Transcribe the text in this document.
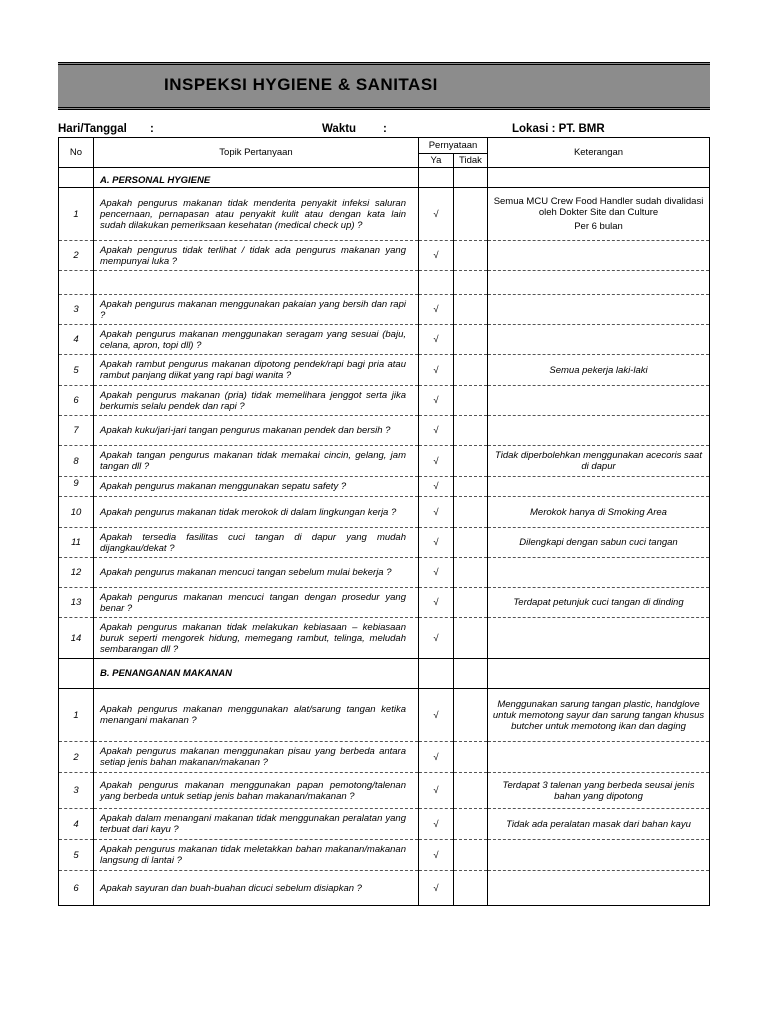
INSPEKSI HYGIENE & SANITASI
Hari/Tanggal :	Waktu :	Lokasi : PT. BMR
No	Topik Pertanyaan	Pernyataan		Keterangan
		Ya	Tidak	
	A. PERSONAL HYGIENE			
1	Apakah pengurus makanan tidak menderita penyakit infeksi saluran pencernaan, pernapasan atau penyakit kulit atau dengan kata lain sudah dilakukan pemeriksaan kesehatan (medical check up) ?	√		Semua MCU Crew Food Handler sudah divalidasi oleh Dokter Site dan Culture
Per 6 bulan

2	Apakah pengurus tidak terlihat / tidak ada pengurus makanan yang mempunyai luka ?	√		

3	Apakah pengurus makanan menggunakan pakaian yang bersih dan rapi ?	√		

4	Apakah pengurus makanan menggunakan seragam yang sesuai (baju, celana, apron, topi dll) ?	√		

5	Apakah rambut pengurus makanan dipotong pendek/rapi bagi pria atau rambut panjang diikat yang rapi bagi wanita ?	√		Semua pekerja laki-laki

6	Apakah pengurus makanan (pria) tidak memelihara jenggot serta jika berkumis selalu pendek dan rapi ?	√		

7	Apakah kuku/jari-jari tangan pengurus makanan pendek dan bersih ?	√		

8	Apakah tangan pengurus makanan tidak memakai cincin, gelang, jam tangan dll ?	√		Tidak diperbolehkan menggunakan acecoris saat di dapur

9	Apakah pengurus makanan menggunakan sepatu safety ?	√		

10	Apakah pengurus makanan tidak merokok di dalam lingkungan kerja ?	√		Merokok hanya di Smoking Area

11	Apakah tersedia fasilitas cuci tangan di dapur yang mudah dijangkau/dekat ?	√		Dilengkapi dengan sabun cuci tangan

12	Apakah pengurus makanan mencuci tangan sebelum mulai bekerja ?	√		

13	Apakah pengurus makanan mencuci tangan dengan prosedur yang benar ?	√		Terdapat petunjuk cuci tangan di dinding

14	Apakah pengurus makanan tidak melakukan kebiasaan – kebiasaan buruk seperti mengorek hidung, memegang rambut, telinga, meludah sembarangan dll ?	√		

	B. PENANGANAN MAKANAN			
1	Apakah pengurus makanan menggunakan alat/sarung tangan ketika menangani makanan ?	√		Menggunakan sarung tangan plastic, handglove untuk memotong sayur dan sarung tangan khusus butcher untuk memotong ikan dan daging

2	Apakah pengurus makanan menggunakan pisau yang berbeda antara setiap jenis bahan makanan/makanan ?	√		

3	Apakah pengurus makanan menggunakan papan pemotong/talenan yang berbeda untuk setiap jenis bahan makanan/makanan ?	√		Terdapat 3 talenan yang berbeda seusai jenis bahan yang dipotong

4	Apakah dalam menangani makanan tidak menggunakan peralatan yang terbuat dari kayu ?	√		Tidak ada peralatan masak dari bahan kayu

5	Apakah pengurus makanan tidak meletakkan bahan makanan/makanan langsung di lantai ?	√		

6	Apakah sayuran dan buah-buahan dicuci sebelum disiapkan ?	√		
